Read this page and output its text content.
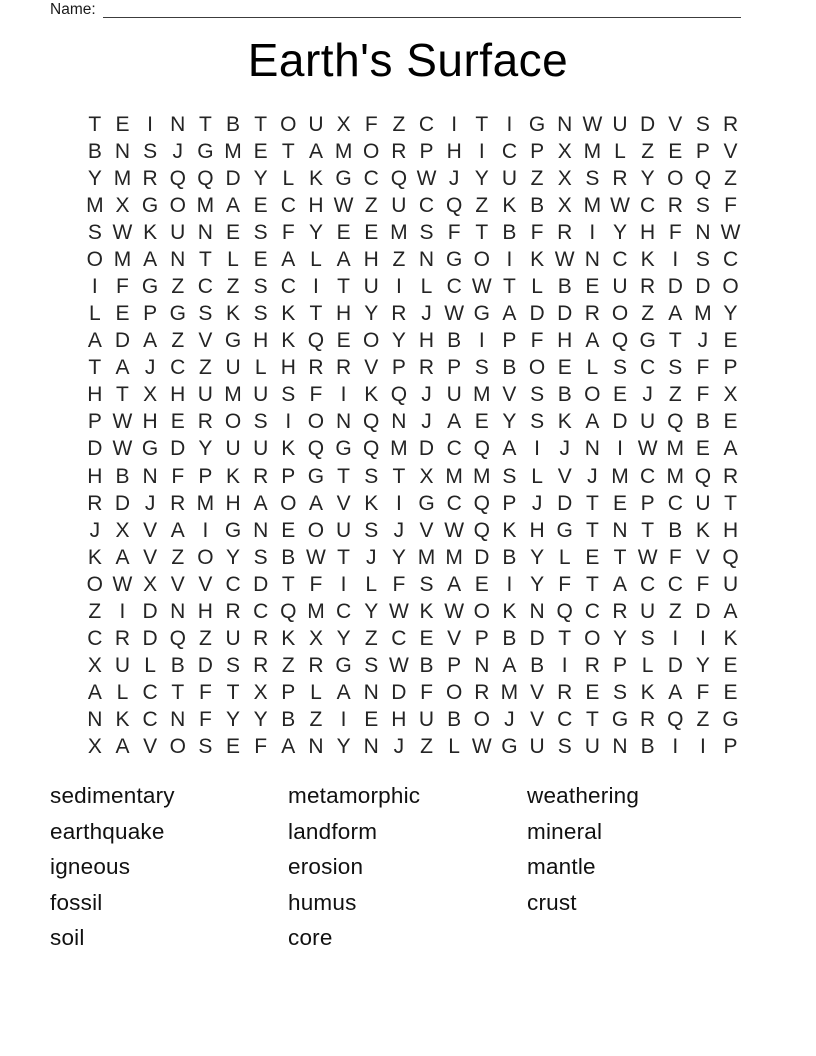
Name:
Earth's Surface
T E I N T B T O U X F Z C I T I G N W U D V S R
B N S J G M E T A M O R P H I C P X M L Z E P V
Y M R Q Q D Y L K G C Q W J Y U Z X S R Y O Q Z
M X G O M A E C H W Z U C Q Z K B X M W C R S F
S W K U N E S F Y E E M S F T B F R I Y H F N W
O M A N T L E A L A H Z N G O I K W N C K I S C
I F G Z C Z S C I T U I L C W T L B E U R D D O
L E P G S K S K T H Y R J W G A D D R O Z A M Y
A D A Z V G H K Q E O Y H B I P F H A Q G T J E
T A J C Z U L H R R V P R P S B O E L S C S F P
H T X H U M U S F I K Q J U M V S B O E J Z F X
P W H E R O S I O N Q N J A E Y S K A D U Q B E
D W G D Y U U K Q G Q M D C Q A I J N I W M E A
H B N F P K R P G T S T X M M S L V J M C M Q R
R D J R M H A O A V K I G C Q P J D T E P C U T
J X V A I G N E O U S J V W Q K H G T N T B K H
K A V Z O Y S B W T J Y M M D B Y L E T W F V Q
O W X V V C D T F I L F S A E I Y F T A C C F U
Z I D N H R C Q M C Y W K W O K N Q C R U Z D A
C R D Q Z U R K X Y Z C E V P B D T O Y S I	I K
X U L B D S R Z R G S W B P N A B I R P L D Y E
A L C T F T X P L A N D F O R M V R E S K A F E
N K C N F Y Y B Z I E H U B O J V C T G R Q Z G
X A V O S E F A N Y N J Z L W G U S U N B I	I P
sedimentary
earthquake
igneous
fossil
soil
metamorphic
landform
erosion
humus
core
weathering
mineral
mantle
crust
